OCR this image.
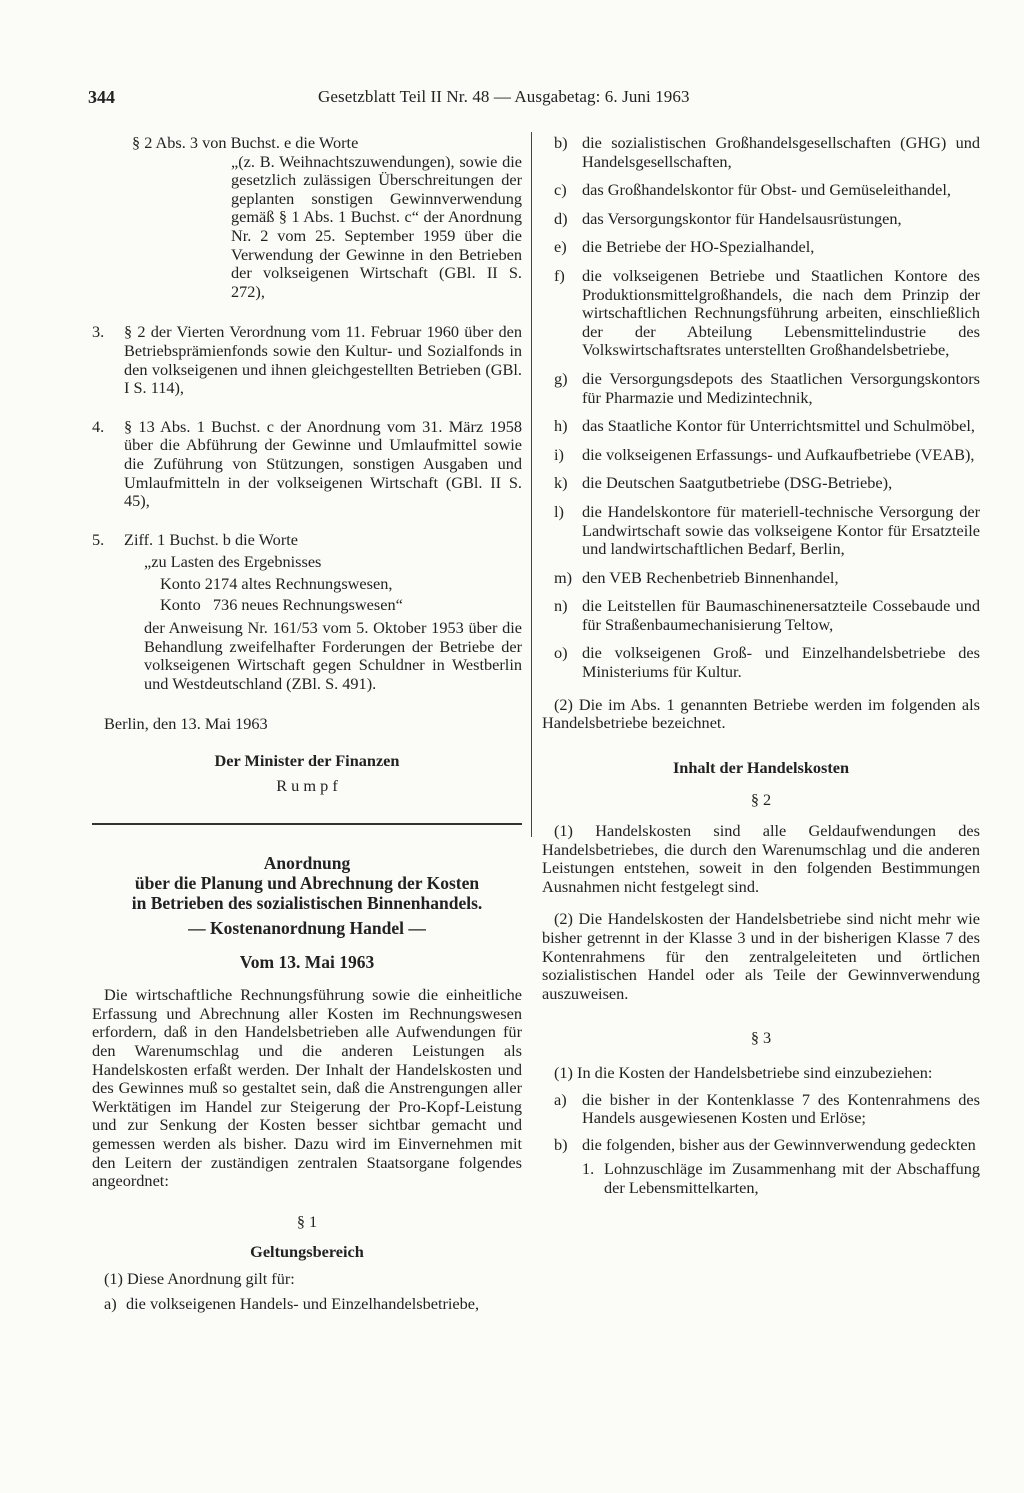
344	Gesetzblatt Teil II Nr. 48 — Ausgabetag: 6. Juni 1963

§ 2 Abs. 3 von Buchst. e die Worte

„(z. B. Weihnachtszuwendungen), sowie die gesetzlich zulässigen Überschreitungen der geplanten sonstigen Gewinnverwendung gemäß § 1 Abs. 1 Buchst. c“ der Anordnung Nr. 2 vom 25. September 1959 über die Verwendung der Gewinne in den Betrieben der volkseigenen Wirtschaft (GBl. II S. 272),

3.	§ 2 der Vierten Verordnung vom 11. Februar 1960 über den Betriebsprämienfonds sowie den Kultur- und Sozialfonds in den volkseigenen und ihnen gleichgestellten Betrieben (GBl. I S. 114),
4.	§ 13 Abs. 1 Buchst. c der Anordnung vom 31. März 1958 über die Abführung der Gewinne und Umlaufmittel sowie die Zuführung von Stützungen, sonstigen Ausgaben und Umlaufmitteln in der volkseigenen Wirtschaft (GBl. II S. 45),
5.	Ziff. 1 Buchst. b die Worte

„zu Lasten des Ergebnisses

Konto 2174 altes Rechnungswesen,

Konto   736 neues Rechnungswesen“

der Anweisung Nr. 161/53 vom 5. Oktober 1953 über die Behandlung zweifelhafter Forderungen der Betriebe der volkseigenen Wirtschaft gegen Schuldner in Westberlin und Westdeutschland (ZBl. S. 491).

Berlin, den 13. Mai 1963

Der Minister der Finanzen

R u m p f

Anordnung

über die Planung und Abrechnung der Kosten

in Betrieben des sozialistischen Binnenhandels.

— Kostenanordnung Handel —

Vom 13. Mai 1963

Die wirtschaftliche Rechnungsführung sowie die einheitliche Erfassung und Abrechnung aller Kosten im Rechnungswesen erfordern, daß in den Handelsbetrieben alle Aufwendungen für den Warenumschlag und die anderen Leistungen als Handelskosten erfaßt werden. Der Inhalt der Handelskosten und des Gewinnes muß so gestaltet sein, daß die Anstrengungen aller Werktätigen im Handel zur Steigerung der Pro-Kopf-Leistung und zur Senkung der Kosten besser sichtbar gemacht und gemessen werden als bisher. Dazu wird im Einvernehmen mit den Leitern der zuständigen zentralen Staatsorgane folgendes angeordnet:

§ 1

Geltungsbereich

(1) Diese Anordnung gilt für:

a) die volkseigenen Handels- und Einzelhandelsbetriebe,
b) die sozialistischen Großhandelsgesellschaften (GHG) und Handelsgesellschaften,
c) das Großhandelskontor für Obst- und Gemüseleithandel,
d) das Versorgungskontor für Handelsausrüstungen,
e) die Betriebe der HO-Spezialhandel,
f)	die volkseigenen Betriebe und Staatlichen Kontore des Produktionsmittelgroßhandels, die nach dem Prinzip der wirtschaftlichen Rechnungsführung arbeiten, einschließlich der der Abteilung Lebensmittelindustrie des Volkswirtschaftsrates unterstellten Großhandelsbetriebe,
g) die Versorgungsdepots des Staatlichen Versorgungskontors für Pharmazie und Medizintechnik,
h) das Staatliche Kontor für Unterrichtsmittel und Schulmöbel,
i)	die volkseigenen Erfassungs- und Aufkaufbetriebe (VEAB),
k) die Deutschen Saatgutbetriebe (DSG-Betriebe),
l)	die Handelskontore für materiell-technische Versorgung der Landwirtschaft sowie das volkseigene Kontor für Ersatzteile und landwirtschaftlichen Bedarf, Berlin,
m) den VEB Rechenbetrieb Binnenhandel,
n) die Leitstellen für Baumaschinenersatzteile Cossebaude und für Straßenbaumechanisierung Teltow,
o) die volkseigenen Groß- und Einzelhandelsbetriebe des Ministeriums für Kultur.

(2) Die im Abs. 1 genannten Betriebe werden im folgenden als Handelsbetriebe bezeichnet.

Inhalt der Handelskosten

§ 2

(1) Handelskosten sind alle Geldaufwendungen des Handelsbetriebes, die durch den Warenumschlag und die anderen Leistungen entstehen, soweit in den folgenden Bestimmungen Ausnahmen nicht festgelegt sind.

(2) Die Handelskosten der Handelsbetriebe sind nicht mehr wie bisher getrennt in der Klasse 3 und in der bisherigen Klasse 7 des Kontenrahmens für den zentralgeleiteten und örtlichen sozialistischen Handel oder als Teile der Gewinnverwendung auszuweisen.

§ 3

(1) In die Kosten der Handelsbetriebe sind einzubeziehen:

a) die bisher in der Kontenklasse 7 des Kontenrahmens des Handels ausgewiesenen Kosten und Erlöse;
b) die folgenden, bisher aus der Gewinnverwendung gedeckten
1. Lohnzuschläge im Zusammenhang mit der Abschaffung der Lebensmittelkarten,
